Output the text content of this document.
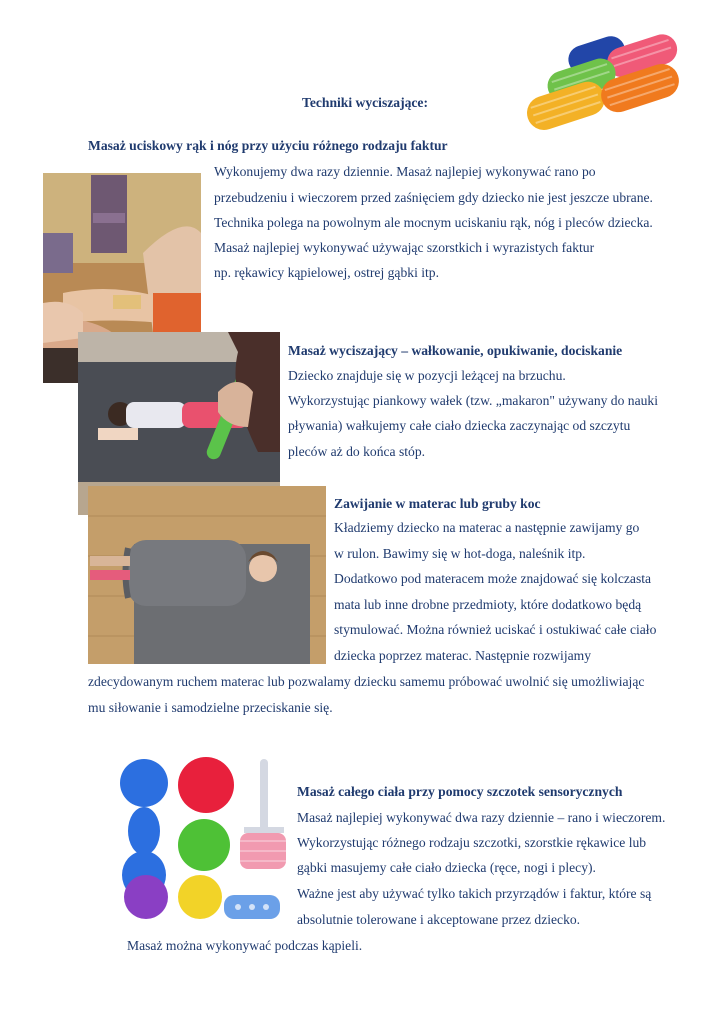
Techniki wyciszające:
Masaż uciskowy rąk i nóg przy użyciu różnego rodzaju faktur
Wykonujemy dwa razy dziennie. Masaż najlepiej wykonywać rano po
przebudzeniu i wieczorem przed zaśnięciem gdy dziecko nie jest jeszcze ubrane.
Technika polega na powolnym ale mocnym uciskaniu rąk, nóg i pleców dziecka.
Masaż najlepiej wykonywać używając szorstkich i wyrazistych faktur
np. rękawicy kąpielowej, ostrej gąbki itp.
Masaż wyciszający – wałkowanie, opukiwanie, dociskanie
Dziecko znajduje się w pozycji leżącej na brzuchu.
Wykorzystując piankowy wałek (tzw. „makaron" używany do nauki
pływania) wałkujemy całe ciało dziecka zaczynając od szczytu
pleców aż do końca stóp.
Zawijanie w materac lub gruby koc
Kładziemy dziecko na materac a następnie zawijamy go
w rulon. Bawimy się w hot-doga, naleśnik itp.
Dodatkowo pod materacem może znajdować się kolczasta
mata lub inne drobne przedmioty, które dodatkowo będą
stymulować. Można również uciskać i ostukiwać całe ciało
dziecka poprzez materac. Następnie rozwijamy
zdecydowanym ruchem materac lub pozwalamy dziecku samemu próbować uwolnić się umożliwiając
mu siłowanie i samodzielne przeciskanie się.
Masaż całego ciała przy pomocy szczotek sensorycznych
Masaż najlepiej wykonywać dwa razy dziennie – rano i wieczorem.
Wykorzystując różnego rodzaju szczotki, szorstkie rękawice lub
gąbki masujemy całe ciało dziecka (ręce, nogi i plecy).
Ważne jest aby używać tylko takich przyrządów i faktur, które są
absolutnie tolerowane i akceptowane przez dziecko.
Masaż można wykonywać podczas kąpieli.
